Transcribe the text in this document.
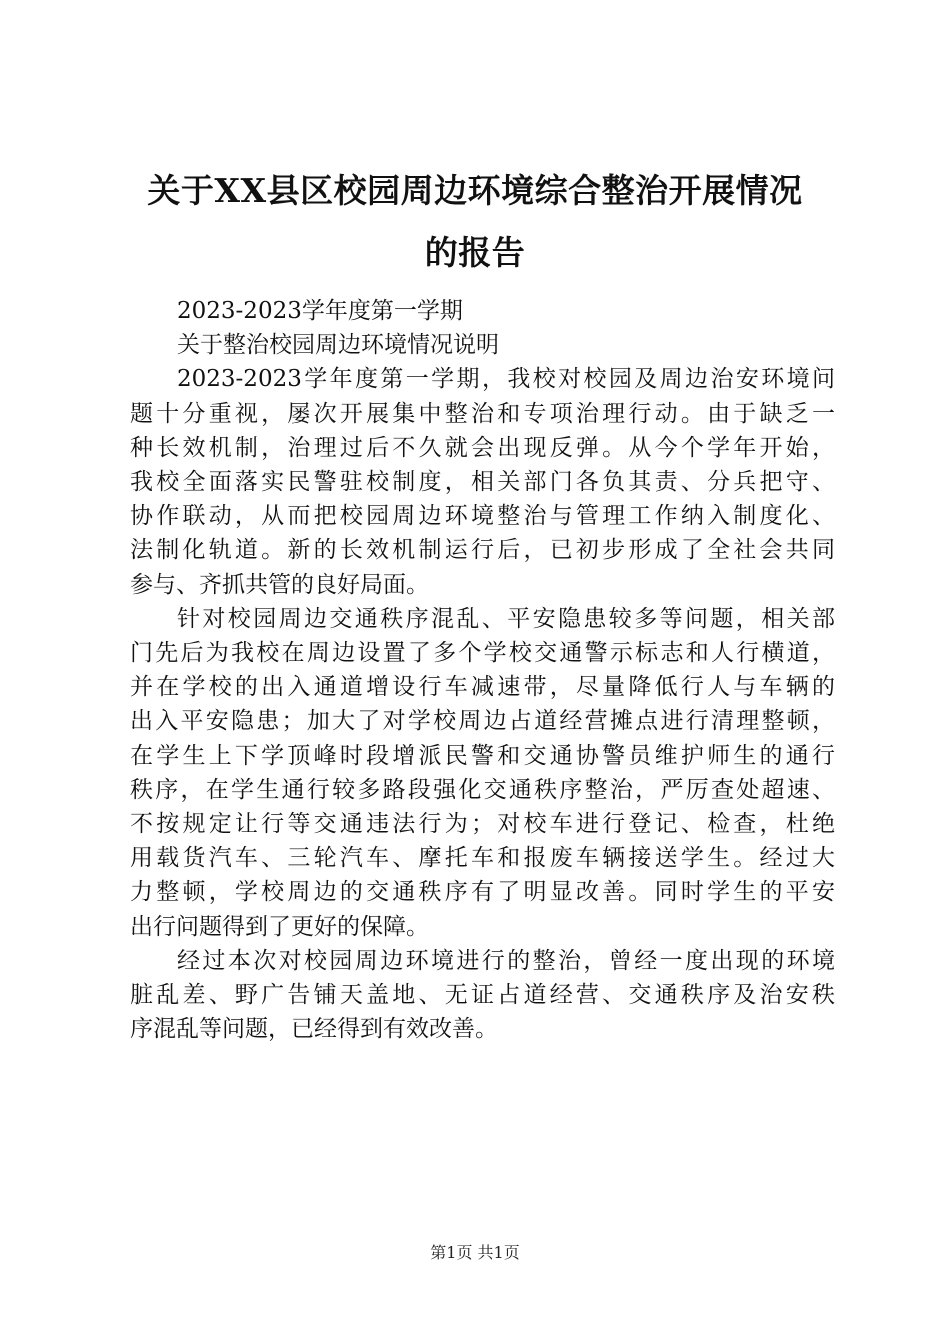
关于XX县区校园周边环境综合整治开展情况
的报告
2023-2023学年度第一学期
关于整治校园周边环境情况说明
2023-2023学年度第一学期，我校对校园及周边治安环境问
题十分重视，屡次开展集中整治和专项治理行动。由于缺乏一
种长效机制，治理过后不久就会出现反弹。从今个学年开始，
我校全面落实民警驻校制度，相关部门各负其责、分兵把守、
协作联动，从而把校园周边环境整治与管理工作纳入制度化、
法制化轨道。新的长效机制运行后，已初步形成了全社会共同
参与、齐抓共管的良好局面。
针对校园周边交通秩序混乱、平安隐患较多等问题，相关部
门先后为我校在周边设置了多个学校交通警示标志和人行横道，
并在学校的出入通道增设行车减速带，尽量降低行人与车辆的
出入平安隐患；加大了对学校周边占道经营摊点进行清理整顿，
在学生上下学顶峰时段增派民警和交通协警员维护师生的通行
秩序，在学生通行较多路段强化交通秩序整治，严厉查处超速、
不按规定让行等交通违法行为；对校车进行登记、检查，杜绝
用载货汽车、三轮汽车、摩托车和报废车辆接送学生。经过大
力整顿，学校周边的交通秩序有了明显改善。同时学生的平安
出行问题得到了更好的保障。
经过本次对校园周边环境进行的整治，曾经一度出现的环境
脏乱差、野广告铺天盖地、无证占道经营、交通秩序及治安秩
序混乱等问题，已经得到有效改善。
第1页 共1页
